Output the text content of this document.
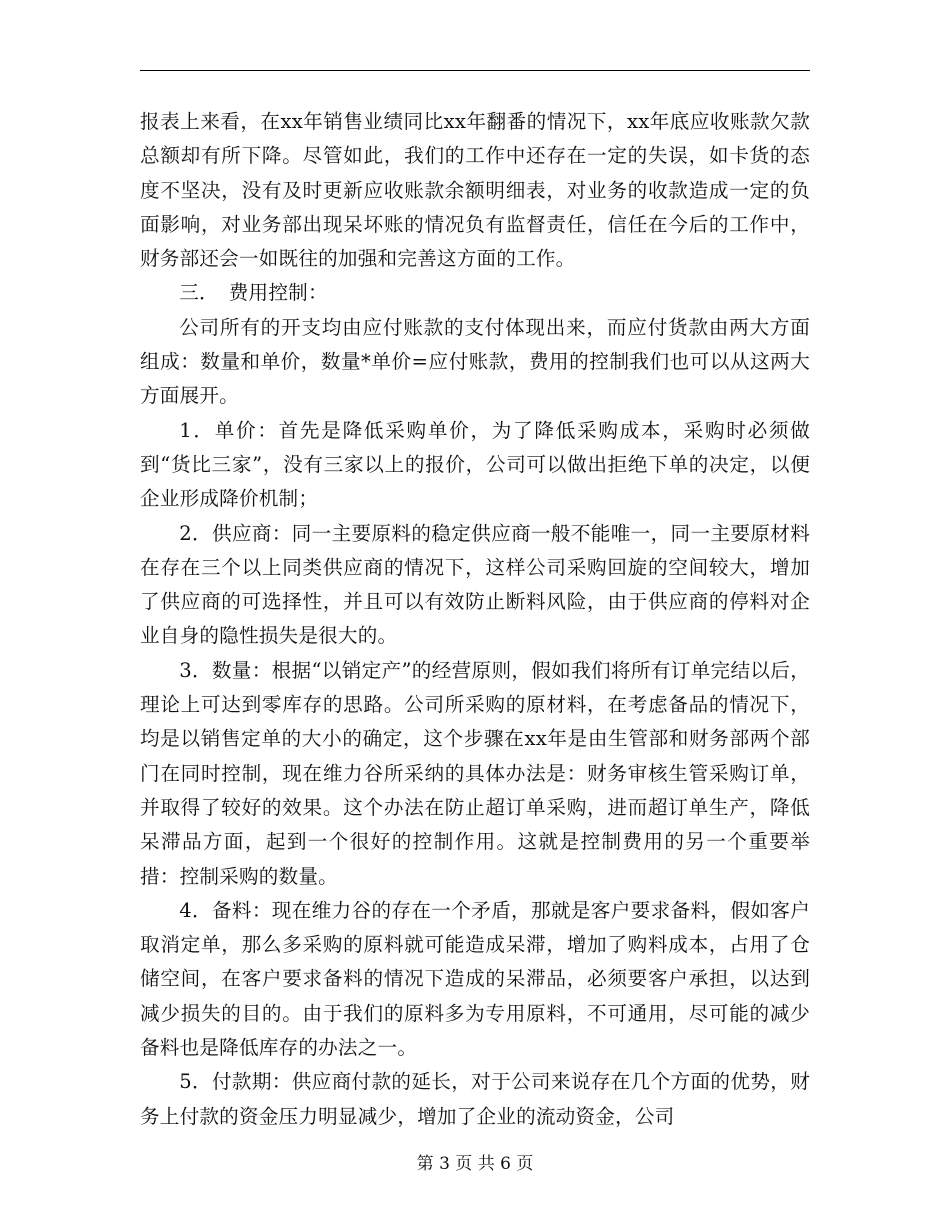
报表上来看，在xx年销售业绩同比xx年翻番的情况下，xx年底应收账款欠款总额却有所下降。尽管如此，我们的工作中还存在一定的失误，如卡货的态度不坚决，没有及时更新应收账款余额明细表，对业务的收款造成一定的负面影响，对业务部出现呆坏账的情况负有监督责任，信任在今后的工作中，财务部还会一如既往的加强和完善这方面的工作。

三．　费用控制：

公司所有的开支均由应付账款的支付体现出来，而应付货款由两大方面组成：数量和单价，数量*单价=应付账款，费用的控制我们也可以从这两大方面展开。

1．单价：首先是降低采购单价，为了降低采购成本，采购时必须做到“货比三家”，没有三家以上的报价，公司可以做出拒绝下单的决定，以便企业形成降价机制；

2．供应商：同一主要原料的稳定供应商一般不能唯一，同一主要原材料在存在三个以上同类供应商的情况下，这样公司采购回旋的空间较大，增加了供应商的可选择性，并且可以有效防止断料风险，由于供应商的停料对企业自身的隐性损失是很大的。

3．数量：根据“以销定产”的经营原则，假如我们将所有订单完结以后，理论上可达到零库存的思路。公司所采购的原材料，在考虑备品的情况下，均是以销售定单的大小的确定，这个步骤在xx年是由生管部和财务部两个部门在同时控制，现在维力谷所采纳的具体办法是：财务审核生管采购订单，并取得了较好的效果。这个办法在防止超订单采购，进而超订单生产，降低呆滞品方面，起到一个很好的控制作用。这就是控制费用的另一个重要举措：控制采购的数量。

4．备料：现在维力谷的存在一个矛盾，那就是客户要求备料，假如客户取消定单，那么多采购的原料就可能造成呆滞，增加了购料成本，占用了仓储空间，在客户要求备料的情况下造成的呆滞品，必须要客户承担，以达到减少损失的目的。由于我们的原料多为专用原料，不可通用，尽可能的减少备料也是降低库存的办法之一。

5．付款期：供应商付款的延长，对于公司来说存在几个方面的优势，财务上付款的资金压力明显减少，增加了企业的流动资金，公司

第 3 页 共 6 页
